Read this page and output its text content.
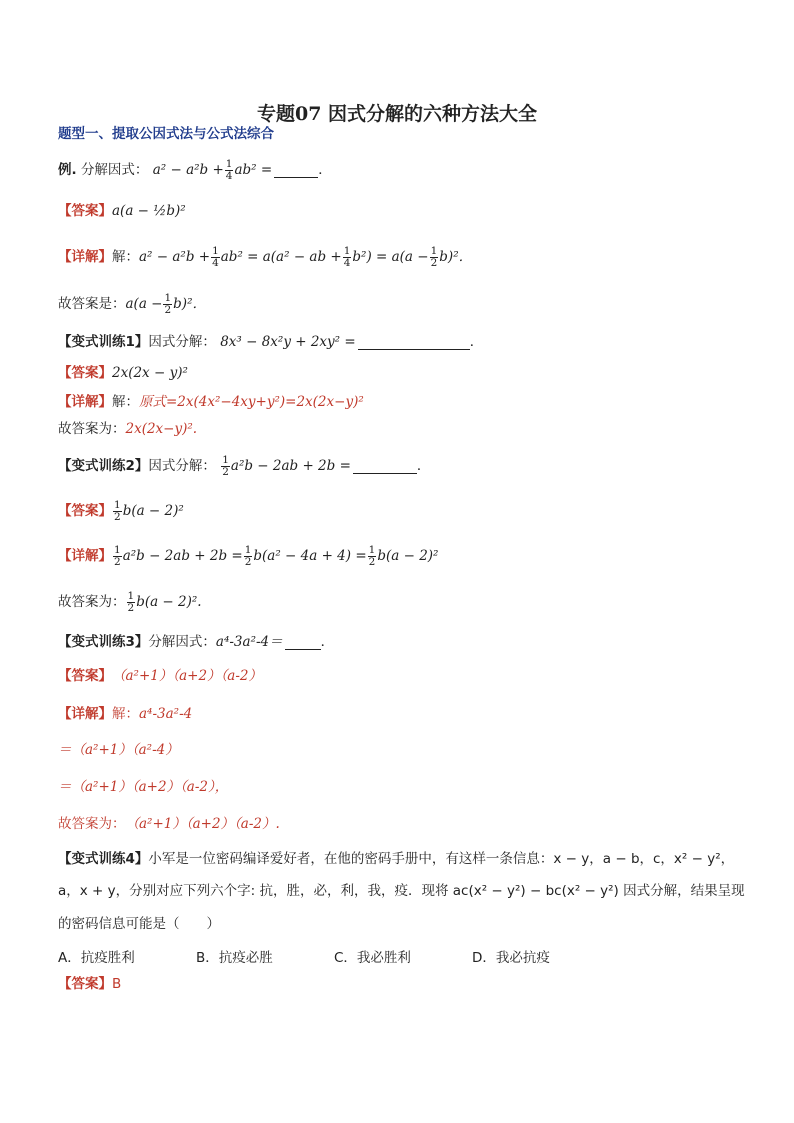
专题07 因式分解的六种方法大全
题型一、提取公因式法与公式法综合
例.
分解因式：
$a^2 - a^2b + \frac{1}{4} ab^2$ =	．
【答案】 a(a − ½b)²
【详解】 解： $a^2 - a^2b + \frac{1}{4} ab^2 = a(a^2$ − ab + $\frac{1}{4} b^2) = a(a - \frac{1}{2} b)^2$．
故答案是： $a(a - \frac{1}{2} b)^2$．
【变式训练1】 因式分解：
8x³ − 8x²y + 2xy² =	．
【答案】 2x(2x − y)²
【详解】 解： 原式=2x(4x²−4xy+y²)=2x(2x−y)²
故答案为： 2x(2x−y)².
【变式训练2】 因式分解：
$\frac{1}{2} a^2b - 2ab + 2b$ =	．
【答案】 $\frac{1}{2} b(a - 2)^2$
【详解】 $\frac{1}{2} a^2b - 2ab + 2b = \frac{1}{2} b(a^2 - 4a + 4) = \frac{1}{2} b(a - 2)^2$
故答案为： $\frac{1}{2} b(a - 2)^2$.
【变式训练3】 分解因式： a⁴-3a²-4＝	．
【答案】 （a²+1）（a+2）（a-2）
【详解】 解： a⁴-3a²-4
＝（a²+1）（a²-4）
＝（a²+1）（a+2）（a-2），
故答案为： （a²+1）（a+2）（a-2）.
【变式训练4】 小军是一位密码编译爱好者，在他的密码手册中，有这样一条信息：x − y，a − b，c，x² − y²，
a，x + y，分别对应下列六个字: 抗，胜，必，利，我，疫．现将 ac(x² − y²) − bc(x² − y²) 因式分解，结果呈现
的密码信息可能是（　　）
A．抗疫胜利	B．抗疫必胜	C．我必胜利	D．我必抗疫
【答案】 B
